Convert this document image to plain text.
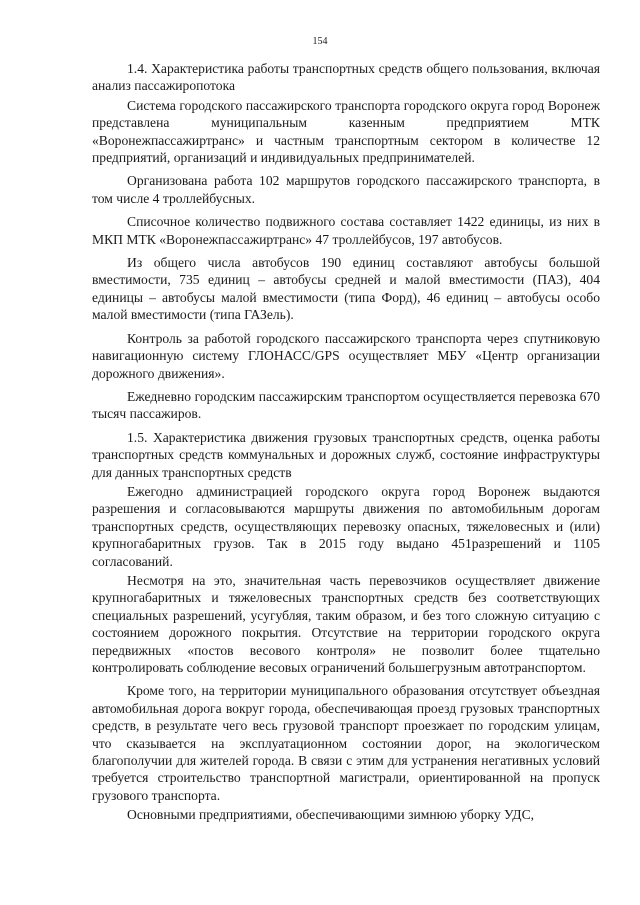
154

1.4. Характеристика работы транспортных средств общего пользования, включая анализ пассажиропотока

Система городского пассажирского транспорта городского округа город Воронеж представлена муниципальным казенным предприятием МТК «Воронежпассажиртранс» и частным транспортным сектором в количестве 12 предприятий, организаций и индивидуальных предпринимателей.

Организована работа 102 маршрутов городского пассажирского транспорта, в том числе 4 троллейбусных.

Списочное количество подвижного состава составляет 1422 единицы, из них в МКП МТК «Воронежпассажиртранс» 47 троллейбусов, 197 автобусов.

Из общего числа автобусов 190 единиц составляют автобусы большой вместимости, 735 единиц – автобусы средней и малой вместимости (ПАЗ), 404 единицы – автобусы малой вместимости (типа Форд), 46 единиц – автобусы особо малой вместимости (типа ГАЗель).

Контроль за работой городского пассажирского транспорта через спутниковую навигационную систему ГЛОНАСС/GPS осуществляет МБУ «Центр организации дорожного движения».

Ежедневно городским пассажирским транспортом осуществляется перевозка 670 тысяч пассажиров.

1.5. Характеристика движения грузовых транспортных средств, оценка работы транспортных средств коммунальных и дорожных служб, состояние инфраструктуры для данных транспортных средств

Ежегодно администрацией городского округа город Воронеж выдаются разрешения и согласовываются маршруты движения по автомобильным дорогам транспортных средств, осуществляющих перевозку опасных, тяжеловесных и (или) крупногабаритных грузов. Так в 2015 году выдано 451разрешений и 1105 согласований.

Несмотря на это, значительная часть перевозчиков осуществляет движение крупногабаритных и тяжеловесных транспортных средств без соответствующих специальных разрешений, усугубляя, таким образом, и без того сложную ситуацию с состоянием дорожного покрытия. Отсутствие на территории городского округа передвижных «постов весового контроля» не позволит более тщательно контролировать соблюдение весовых ограничений большегрузным автотранспортом.

Кроме того, на территории муниципального образования отсутствует объездная автомобильная дорога вокруг города, обеспечивающая проезд грузовых транспортных средств, в результате чего весь грузовой транспорт проезжает по городским улицам, что сказывается на эксплуатационном состоянии дорог, на экологическом благополучии для жителей города. В связи с этим для устранения негативных условий требуется строительство транспортной магистрали, ориентированной на пропуск грузового транспорта.

Основными предприятиями, обеспечивающими зимнюю уборку УДС,
